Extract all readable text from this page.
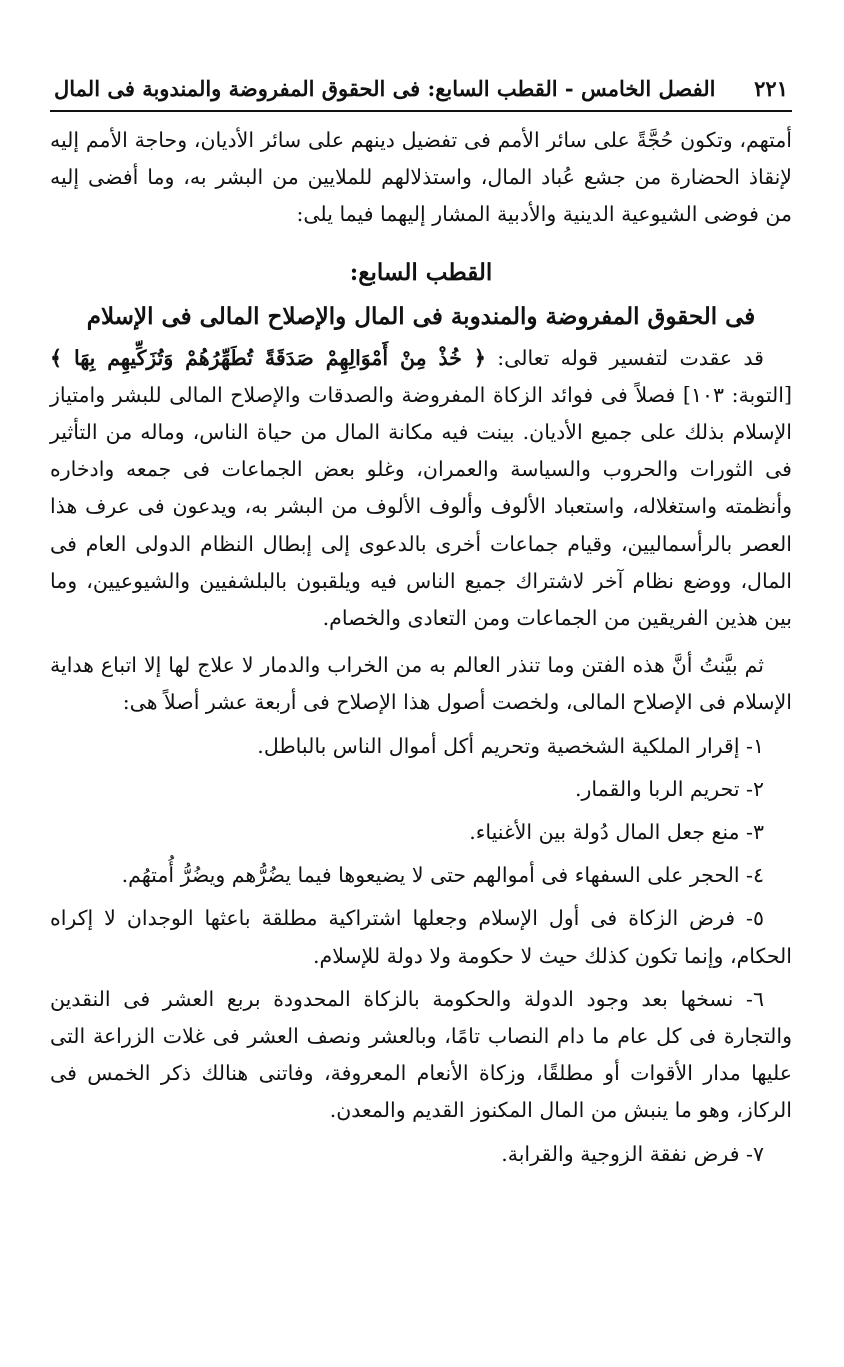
٢٢١
الفصل الخامس - القطب السابع: فى الحقوق المفروضة والمندوبة فى المال

أمتهم، وتكون حُجَّةً على سائر الأمم فى تفضيل دينهم على سائر الأديان، وحاجة الأمم إليه لإنقاذ الحضارة من جشع عُباد المال، واستذلالهم للملايين من البشر به، وما أفضى إليه من فوضى الشيوعية الدينية والأدبية المشار إليهما فيما يلى:

القطب السابع:

فى الحقوق المفروضة والمندوبة فى المال والإصلاح المالى فى الإسلام

قد عقدت لتفسير قوله تعالى: ﴿ خُذْ مِنْ أَمْوَالِهِمْ صَدَقَةً تُطَهِّرُهُمْ وَتُزَكِّيهِم بِهَا ﴾ [التوبة: ١٠٣] فصلاً فى فوائد الزكاة المفروضة والصدقات والإصلاح المالى للبشر وامتياز الإسلام بذلك على جميع الأديان. بينت فيه مكانة المال من حياة الناس، وماله من التأثير فى الثورات والحروب والسياسة والعمران، وغلو بعض الجماعات فى جمعه وادخاره وأنظمته واستغلاله، واستعباد الألوف وألوف الألوف من البشر به، ويدعون فى عرف هذا العصر بالرأسماليين، وقيام جماعات أخرى بالدعوى إلى إبطال النظام الدولى العام فى المال، ووضع نظام آخر لاشتراك جميع الناس فيه ويلقبون بالبلشفيين والشيوعيين، وما بين هذين الفريقين من الجماعات ومن التعادى والخصام.

ثم بيَّنتُ أنَّ هذه الفتن وما تنذر العالم به من الخراب والدمار لا علاج لها إلا اتباع هداية الإسلام فى الإصلاح المالى، ولخصت أصول هذا الإصلاح فى أربعة عشر أصلاً هى:

١- إقرار الملكية الشخصية وتحريم أكل أموال الناس بالباطل.

٢- تحريم الربا والقمار.

٣- منع جعل المال دُولة بين الأغنياء.

٤- الحجر على السفهاء فى أموالهم حتى لا يضيعوها فيما يضُرُّهم ويضُرُّ أُمتهُم.

٥- فرض الزكاة فى أول الإسلام وجعلها اشتراكية مطلقة باعثها الوجدان لا إكراه الحكام، وإنما تكون كذلك حيث لا حكومة ولا دولة للإسلام.

٦- نسخها بعد وجود الدولة والحكومة بالزكاة المحدودة بربع العشر فى النقدين والتجارة فى كل عام ما دام النصاب تامًا، وبالعشر ونصف العشر فى غلات الزراعة التى عليها مدار الأقوات أو مطلقًا، وزكاة الأنعام المعروفة، وفاتنى هنالك ذكر الخمس فى الركاز، وهو ما ينبش من المال المكنوز القديم والمعدن.

٧- فرض نفقة الزوجية والقرابة.
